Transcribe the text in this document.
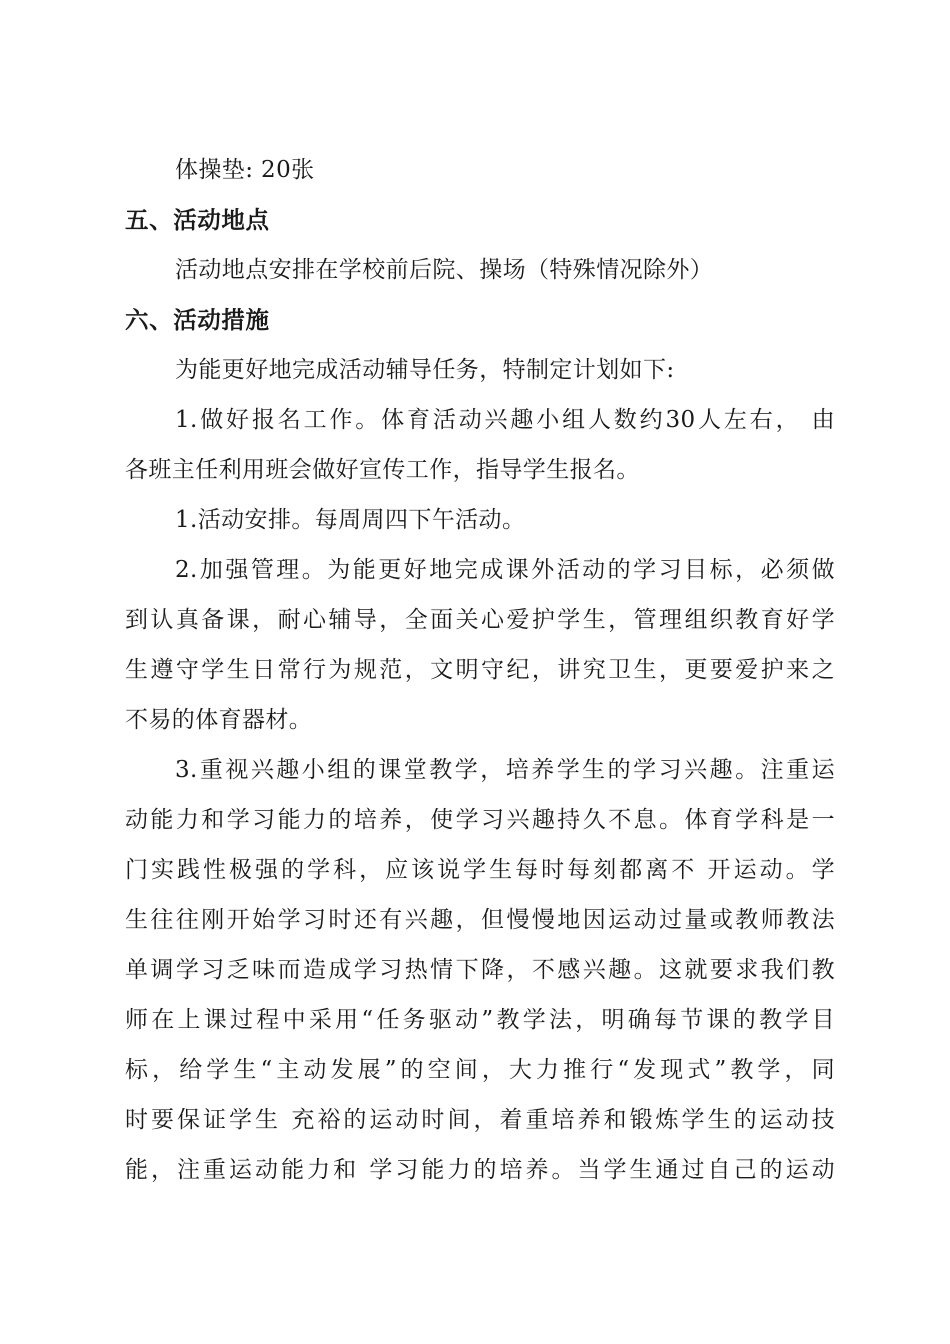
体操垫: 20张
五、活动地点
活动地点安排在学校前后院、操场（特殊情况除外）
六、活动措施
为能更好地完成活动辅导任务，特制定计划如下:
1.做好报名工作。体育活动兴趣小组人数约30人左右， 由
各班主任利用班会做好宣传工作，指导学生报名。
1.活动安排。每周周四下午活动。
2.加强管理。为能更好地完成课外活动的学习目标，必须做
到认真备课，耐心辅导，全面关心爱护学生，管理组织教育好学
生遵守学生日常行为规范，文明守纪，讲究卫生，更要爱护来之
不易的体育器材。
3.重视兴趣小组的课堂教学，培养学生的学习兴趣。注重运
动能力和学习能力的培养，使学习兴趣持久不息。体育学科是一
门实践性极强的学科，应该说学生每时每刻都离不 开运动。学
生往往刚开始学习时还有兴趣，但慢慢地因运动过量或教师教法
单调学习乏味而造成学习热情下降，不感兴趣。这就要求我们教
师在上课过程中采用“任务驱动”教学法，明确每节课的教学目
标，给学生“主动发展”的空间，大力推行“发现式”教学，同
时要保证学生 充裕的运动时间，着重培养和锻炼学生的运动技
能，注重运动能力和 学习能力的培养。当学生通过自己的运动
